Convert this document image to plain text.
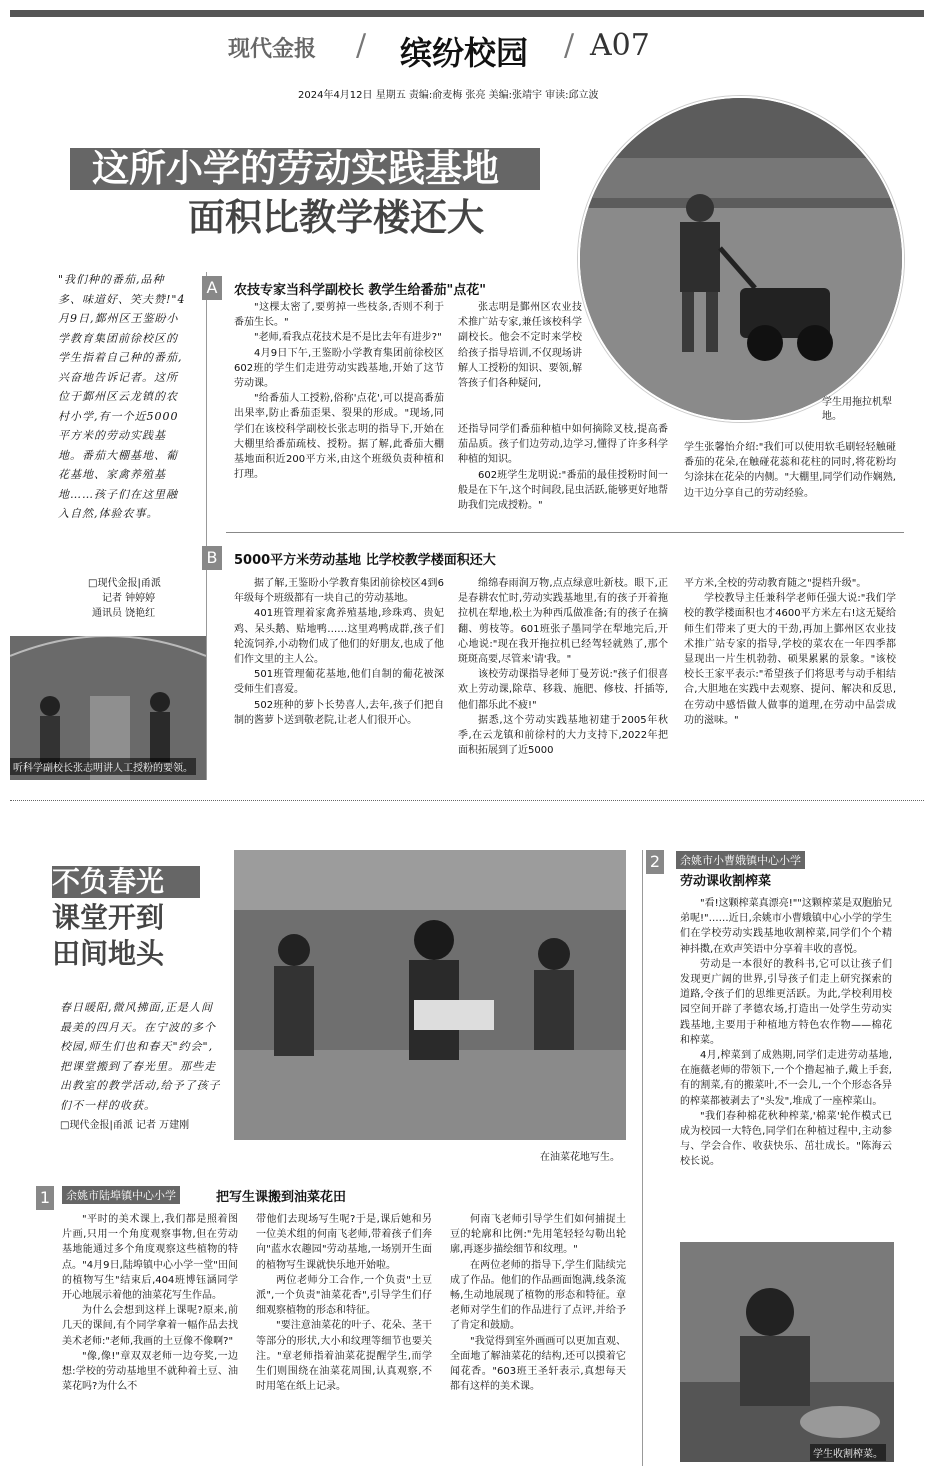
现代金报 / 缤纷校园 / A07
2024年4月12日 星期五 责编:俞麦梅 张亮 美编:张靖宇 审读:邱立波
这所小学的劳动实践基地
面积比教学楼还大
学生用拖拉机犁地。
"我们种的番茄,品种多、味道好、笑夫赞!"4月9日,鄞州区王鉴盼小学教育集团前徐校区的学生指着自己种的番茄,兴奋地告诉记者。这所位于鄞州区云龙镇的农村小学,有一个近5000平方米的劳动实践基地。番茄大棚基地、葡花基地、家禽养殖基地……孩子们在这里融入自然,体验农事。
□现代金报|甬派
记者 钟婷婷
通讯员 饶艳红
听科学副校长张志明讲人工授粉的要领。
A	农技专家当科学副校长 教学生给番茄"点花"

"这棵太密了,要剪掉一些枝条,否则不利于番茄生长。"

"老师,看我点花技术是不是比去年有进步?"

4月9日下午,王鉴盼小学教育集团前徐校区602班的学生们走进劳动实践基地,开始了这节劳动课。

"给番茄人工授粉,俗称'点花',可以提高番茄出果率,防止番茄歪果、裂果的形成。"现场,同学们在该校科学副校长张志明的指导下,开始在大棚里给番茄疏枝、授粉。据了解,此番茄大棚基地面积近200平方米,由这个班级负责种植和打理。

张志明是鄞州区农业技术推广站专家,兼任该校科学副校长。他会不定时来学校给孩子指导培训,不仅现场讲解人工授粉的知识、要领,解答孩子们各种疑问,

还指导同学们番茄种植中如何摘除叉枝,提高番茄品质。孩子们边劳动,边学习,懂得了许多科学种植的知识。

602班学生龙明说:"番茄的最佳授粉时间一般是在下午,这个时间段,昆虫活跃,能够更好地帮助我们完成授粉。"

学生张馨怡介绍:"我们可以使用软毛刷轻轻触碰番茄的花朵,在触碰花蕊和花柱的同时,将花粉均匀涂抹在花朵的内侧。"大棚里,同学们动作娴熟,边干边分享自己的劳动经验。

B	5000平方米劳动基地 比学校教学楼面积还大

据了解,王鉴盼小学教育集团前徐校区4到6年级每个班级都有一块自己的劳动基地。

401班管理着家禽养殖基地,珍珠鸡、贵妃鸡、呆头鹅、贴地鸭……这里鸡鸭成群,孩子们轮流饲养,小动物们成了他们的好朋友,也成了他们作文里的主人公。

501班管理葡花基地,他们自制的葡花被深受师生们喜爱。

502班种的萝卜长势喜人,去年,孩子们把自制的酱萝卜送到敬老院,让老人们很开心。

绵绵春雨润万物,点点绿意吐新枝。眼下,正是春耕农忙时,劳动实践基地里,有的孩子开着拖拉机在犁地,松土为种西瓜做准备;有的孩子在摘翻、剪枝等。601班张子墨同学在犁地完后,开心地说:"现在我开拖拉机已经驾轻就熟了,那个斑斑高要,尽管来'请'我。"

该校劳动课指导老师丁曼芳说:"孩子们很喜欢上劳动课,除草、移栽、施肥、修枝、扦插等,他们都乐此不疲!"

据悉,这个劳动实践基地初建于2005年秋季,在云龙镇和前徐村的大力支持下,2022年把面积拓展到了近5000

平方米,全校的劳动教育随之"提档升级"。

学校教导主任兼科学老师任强大说:"我们学校的教学楼面积也才4600平方米左右!这无疑给师生们带来了更大的干劲,再加上鄞州区农业技术推广站专家的指导,学校的菜农在一年四季都显现出一片生机勃勃、硕果累累的景象。"该校校长王家平表示:"希望孩子们将思考与动手相结合,大胆地在实践中去观察、提问、解决和反思,在劳动中感悟做人做事的道理,在劳动中品尝成功的滋味。"

不负春光
课堂开到
田间地头
春日暖阳,微风拂面,正是人间最美的四月天。在宁波的多个校园,师生们也和春天"约会",把课堂搬到了春光里。那些走出教室的教学活动,给予了孩子们不一样的收获。
□现代金报|甬派 记者 万建刚
在油菜花地写生。
2	余姚市小曹娥镇中心小学
劳动课收割榨菜

"看!这颗榨菜真漂亮!""这颗榨菜是双胞胎兄弟呢!"……近日,余姚市小曹娥镇中心小学的学生们在学校劳动实践基地收割榨菜,同学们个个精神抖擞,在欢声笑语中分享着丰收的喜悦。

劳动是一本很好的教科书,它可以让孩子们发现更广阔的世界,引导孩子们走上研究探索的道路,令孩子们的思维更活跃。为此,学校利用校园空间开辟了孝德农场,打造出一处学生劳动实践基地,主要用于种植地方特色农作物——棉花和榨菜。

4月,榨菜到了成熟期,同学们走进劳动基地,在施薇老师的带领下,一个个撸起袖子,戴上手套,有的割菜,有的搬菜叶,不一会儿,一个个形态各异的榨菜都被剥去了"头发",堆成了一座榨菜山。

"我们春种棉花秋种榨菜,'棉菜'轮作模式已成为校园一大特色,同学们在种植过程中,主动参与、学会合作、收获快乐、茁壮成长。"陈海云校长说。

学生收割榨菜。
1	余姚市陆埠镇中心小学	把写生课搬到油菜花田

"平时的美术课上,我们都是照着图片画,只用一个角度观察事物,但在劳动基地能通过多个角度观察这些植物的特点。"4月9日,陆埠镇中心小学一堂"田间的植物写生"结束后,404班博钰涵同学开心地展示着他的油菜花写生作品。

为什么会想到这样上课呢?原来,前几天的课间,有个同学拿着一幅作品去找美术老师:"老师,我画的土豆像不像啊?"

"像,像!"章双双老师一边夸奖,一边想:学校的劳动基地里不就种着土豆、油菜花吗?为什么不

带他们去现场写生呢?于是,课后她和另一位美术组的何南飞老师,带着孩子们奔向"蓝水农趣园"劳动基地,一场别开生面的植物写生课就快乐地开始啦。

两位老师分工合作,一个负责"土豆派",一个负责"油菜花香",引导学生们仔细观察植物的形态和特征。

"要注意油菜花的叶子、花朵、茎干等部分的形状,大小和纹理等细节也要关注。"章老师指着油菜花提醒学生,而学生们则围绕在油菜花周围,认真观察,不时用笔在纸上记录。

何南飞老师引导学生们如何捕捉土豆的轮廓和比例:"先用笔轻轻勾勒出轮廓,再逐步描绘细节和纹理。"

在两位老师的指导下,学生们陆续完成了作品。他们的作品画面饱满,线条流畅,生动地展现了植物的形态和特征。章老师对学生们的作品进行了点评,并给予了肯定和鼓励。

"我觉得到室外画画可以更加直观、全面地了解油菜花的结构,还可以摸着它闻花香。"603班王圣轩表示,真想每天都有这样的美术课。
